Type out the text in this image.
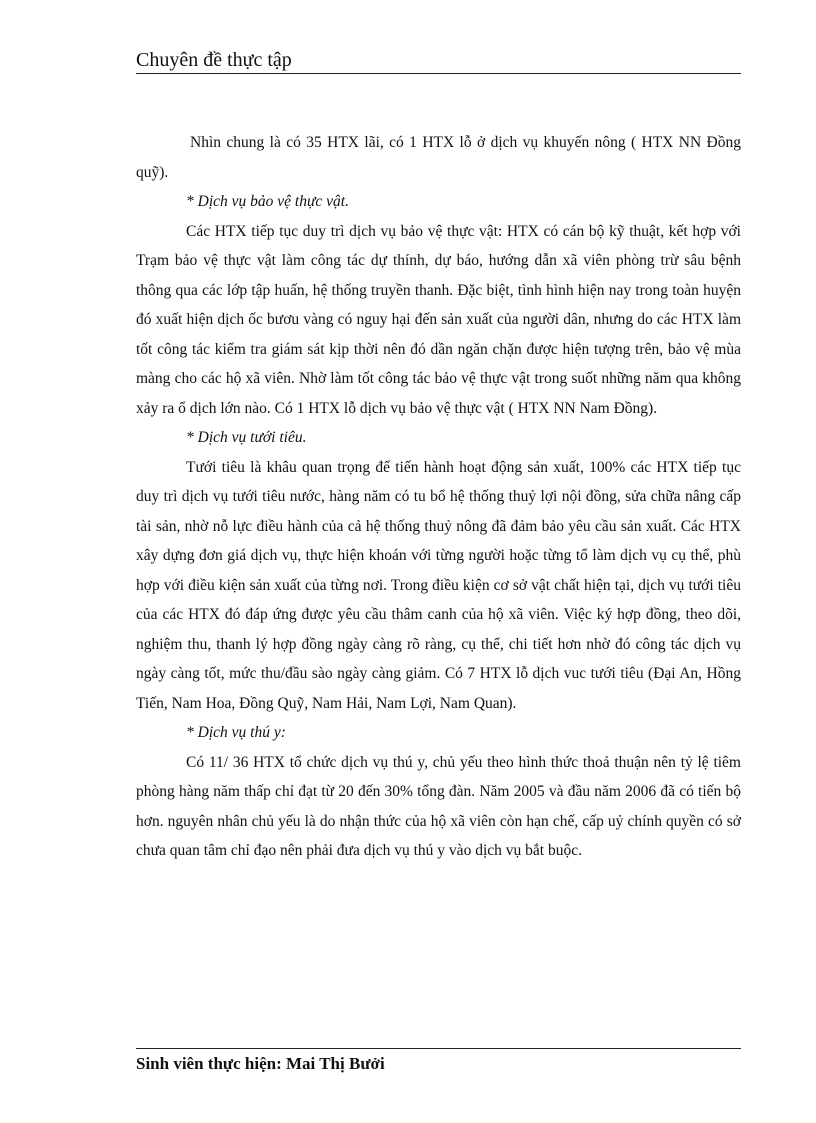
Chuyên đề thực tập

Nhìn chung là có 35 HTX lãi, có 1 HTX lỗ ở dịch vụ khuyến nông ( HTX NN Đồng quỹ).

* Dịch vụ bảo vệ thực vật.

Các HTX tiếp tục duy trì dịch vụ bảo vệ thực vật: HTX có cán bộ kỹ thuật, kết hợp với Trạm bảo vệ thực vật làm công tác dự thính, dự báo, hướng dẫn xã viên phòng trừ sâu bệnh thông qua các lớp tập huấn, hệ thống truyền thanh. Đặc biệt, tình hình hiện nay trong toàn huyện đó xuất hiện dịch ốc bươu vàng có nguy hại đến sản xuất của người dân, nhưng do các HTX làm tốt công tác kiểm tra giám sát kịp thời nên đó dần ngăn chặn được hiện tượng trên, bảo vệ mùa màng cho các hộ xã viên. Nhờ làm tốt công tác bảo vệ thực vật trong suốt những năm qua không xảy ra ổ dịch lớn nào. Có 1 HTX lỗ dịch vụ bảo vệ thực vật ( HTX NN Nam Đồng).

* Dịch vụ tưới tiêu.

Tưới tiêu là khâu quan trọng để tiến hành hoạt động sản xuất, 100% các HTX tiếp tục duy trì dịch vụ tưới tiêu nước, hàng năm có tu bổ hệ thống thuỷ lợi nội đồng, sửa chữa nâng cấp tài sản, nhờ nỗ lực điều hành của cả hệ thống thuỷ nông đã đảm bảo yêu cầu sản xuất. Các HTX xây dựng đơn giá dịch vụ, thực hiện khoán với từng người hoặc từng tổ làm dịch vụ cụ thể, phù hợp với điều kiện sản xuất của từng nơi. Trong điều kiện cơ sở vật chất hiện tại, dịch vụ tưới tiêu của các HTX đó đáp ứng được yêu cầu thâm canh của hộ xã viên. Việc ký hợp đồng, theo dõi, nghiệm thu, thanh lý hợp đồng ngày càng rõ ràng, cụ thể, chi tiết hơn nhờ đó công tác dịch vụ ngày càng tốt, mức thu/đầu sào ngày càng giảm. Có 7 HTX lỗ dịch vuc tưới tiêu (Đại An, Hồng Tiến, Nam Hoa, Đồng Quỹ, Nam Hải, Nam Lợi, Nam Quan).

* Dịch vụ thú y:

Có 11/ 36 HTX tổ chức dịch vụ thú y, chủ yếu theo hình thức thoả thuận nên tỷ lệ tiêm phòng hàng năm thấp chỉ đạt từ 20 đến 30% tổng đàn. Năm 2005 và đầu năm 2006 đã có tiến bộ hơn. nguyên nhân chủ yếu là do nhận thức của hộ xã viên còn hạn chế, cấp uỷ chính quyền có sở chưa quan tâm chỉ đạo nên phải đưa dịch vụ thú y vào dịch vụ bắt buộc.

Sinh viên thực hiện: Mai Thị Bưởi
